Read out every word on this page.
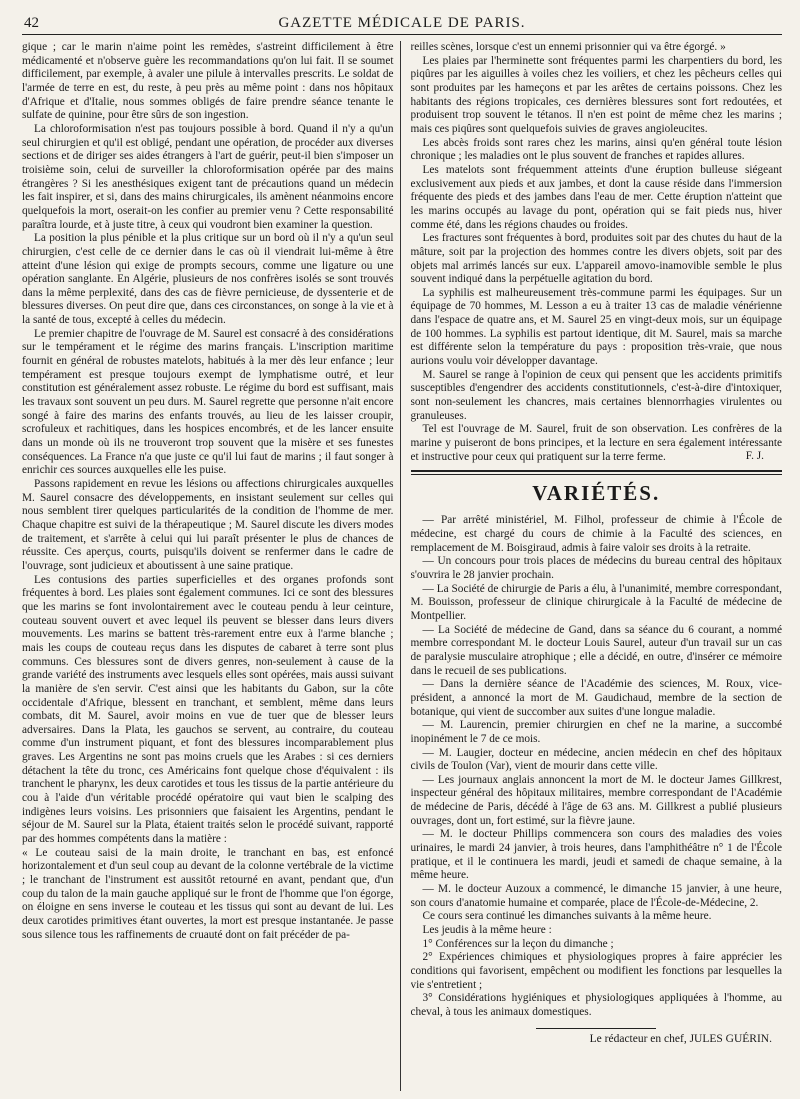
42	GAZETTE MÉDICALE DE PARIS.

gique ; car le marin n'aime point les remèdes, s'astreint difficilement à être médicamenté et n'observe guère les recommandations qu'on lui fait. Il se soumet difficilement, par exemple, à avaler une pilule à intervalles prescrits. Le soldat de l'armée de terre en est, du reste, à peu près au même point : dans nos hôpitaux d'Afrique et d'Italie, nous sommes obligés de faire prendre séance tenante le sulfate de quinine, pour être sûrs de son ingestion.

La chloroformisation n'est pas toujours possible à bord. Quand il n'y a qu'un seul chirurgien et qu'il est obligé, pendant une opération, de procéder aux diverses sections et de diriger ses aides étrangers à l'art de guérir, peut-il bien s'imposer un troisième soin, celui de surveiller la chloroformisation opérée par des mains étrangères ? Si les anesthésiques exigent tant de précautions quand un médecin les fait inspirer, et si, dans des mains chirurgicales, ils amènent néanmoins encore quelquefois la mort, oserait-on les confier au premier venu ? Cette responsabilité paraîtra lourde, et à juste titre, à ceux qui voudront bien examiner la question.

La position la plus pénible et la plus critique sur un bord où il n'y a qu'un seul chirurgien, c'est celle de ce dernier dans le cas où il viendrait lui-même à être atteint d'une lésion qui exige de prompts secours, comme une ligature ou une opération sanglante. En Algérie, plusieurs de nos confrères isolés se sont trouvés dans la même perplexité, dans des cas de fièvre pernicieuse, de dyssenterie et de blessures diverses. On peut dire que, dans ces circonstances, on songe à la vie et à la santé de tous, excepté à celles du médecin.

Le premier chapitre de l'ouvrage de M. Saurel est consacré à des considérations sur le tempérament et le régime des marins français. L'inscription maritime fournit en général de robustes matelots, habitués à la mer dès leur enfance ; leur tempérament est presque toujours exempt de lymphatisme outré, et leur constitution est généralement assez robuste. Le régime du bord est suffisant, mais les travaux sont souvent un peu durs. M. Saurel regrette que personne n'ait encore songé à faire des marins des enfants trouvés, au lieu de les laisser croupir, scrofuleux et rachitiques, dans les hospices encombrés, et de les lancer ensuite dans un monde où ils ne trouveront trop souvent que la misère et ses funestes conséquences. La France n'a que juste ce qu'il lui faut de marins ; il faut songer à enrichir ces sources auxquelles elle les puise.

Passons rapidement en revue les lésions ou affections chirurgicales auxquelles M. Saurel consacre des développements, en insistant seulement sur celles qui nous semblent tirer quelques particularités de la condition de l'homme de mer. Chaque chapitre est suivi de la thérapeutique ; M. Saurel discute les divers modes de traitement, et s'arrête à celui qui lui paraît présenter le plus de chances de réussite. Ces aperçus, courts, puisqu'ils doivent se renfermer dans le cadre de l'ouvrage, sont judicieux et aboutissent à une saine pratique.

Les contusions des parties superficielles et des organes profonds sont fréquentes à bord. Les plaies sont également communes. Ici ce sont des blessures que les marins se font involontairement avec le couteau pendu à leur ceinture, couteau souvent ouvert et avec lequel ils peuvent se blesser dans leurs divers mouvements. Les marins se battent très-rarement entre eux à l'arme blanche ; mais les coups de couteau reçus dans les disputes de cabaret à terre sont plus communs. Ces blessures sont de divers genres, non-seulement à cause de la grande variété des instruments avec lesquels elles sont opérées, mais aussi suivant la manière de s'en servir. C'est ainsi que les habitants du Gabon, sur la côte occidentale d'Afrique, blessent en tranchant, et semblent, même dans leurs combats, dit M. Saurel, avoir moins en vue de tuer que de blesser leurs adversaires. Dans la Plata, les gauchos se servent, au contraire, du couteau comme d'un instrument piquant, et font des blessures incomparablement plus graves. Les Argentins ne sont pas moins cruels que les Arabes : si ces derniers détachent la tête du tronc, ces Américains font quelque chose d'équivalent : ils tranchent le pharynx, les deux carotides et tous les tissus de la partie antérieure du cou à l'aide d'un véritable procédé opératoire qui vaut bien le scalping des indigènes leurs voisins. Les prisonniers que faisaient les Argentins, pendant le séjour de M. Saurel sur la Plata, étaient traités selon le procédé suivant, rapporté par des hommes compétents dans la matière :

« Le couteau saisi de la main droite, le tranchant en bas, est enfoncé horizontalement et d'un seul coup au devant de la colonne vertébrale de la victime ; le tranchant de l'instrument est aussitôt retourné en avant, pendant que, d'un coup du talon de la main gauche appliqué sur le front de l'homme que l'on égorge, on éloigne en sens inverse le couteau et les tissus qui sont au devant de lui. Les deux carotides primitives étant ouvertes, la mort est presque instantanée. Je passe sous silence tous les raffinements de cruauté dont on fait précéder de pa-

reilles scènes, lorsque c'est un ennemi prisonnier qui va être égorgé. »

Les plaies par l'herminette sont fréquentes parmi les charpentiers du bord, les piqûres par les aiguilles à voiles chez les voiliers, et chez les pêcheurs celles qui sont produites par les hameçons et par les arêtes de certains poissons. Chez les habitants des régions tropicales, ces dernières blessures sont fort redoutées, et produisent trop souvent le tétanos. Il n'en est point de même chez les marins ; mais ces piqûres sont quelquefois suivies de graves angioleucites.

Les abcès froids sont rares chez les marins, ainsi qu'en général toute lésion chronique ; les maladies ont le plus souvent de franches et rapides allures.

Les matelots sont fréquemment atteints d'une éruption bulleuse siégeant exclusivement aux pieds et aux jambes, et dont la cause réside dans l'immersion fréquente des pieds et des jambes dans l'eau de mer. Cette éruption n'atteint que les marins occupés au lavage du pont, opération qui se fait pieds nus, hiver comme été, dans les régions chaudes ou froides.

Les fractures sont fréquentes à bord, produites soit par des chutes du haut de la mâture, soit par la projection des hommes contre les divers objets, soit par des objets mal arrimés lancés sur eux. L'appareil amovo-inamovible semble le plus souvent indiqué dans la perpétuelle agitation du bord.

La syphilis est malheureusement très-commune parmi les équipages. Sur un équipage de 70 hommes, M. Lesson a eu à traiter 13 cas de maladie vénérienne dans l'espace de quatre ans, et M. Saurel 25 en vingt-deux mois, sur un équipage de 100 hommes. La syphilis est partout identique, dit M. Saurel, mais sa marche est différente selon la température du pays : proposition très-vraie, que nous aurions voulu voir développer davantage.

M. Saurel se range à l'opinion de ceux qui pensent que les accidents primitifs susceptibles d'engendrer des accidents constitutionnels, c'est-à-dire d'intoxiquer, sont non-seulement les chancres, mais certaines blennorrhagies virulentes ou granuleuses.

Tel est l'ouvrage de M. Saurel, fruit de son observation. Les confrères de la marine y puiseront de bons principes, et la lecture en sera également intéressante et instructive pour ceux qui pratiquent sur la terre ferme.	F. J.
VARIÉTÉS.

— Par arrêté ministériel, M. Filhol, professeur de chimie à l'École de médecine, est chargé du cours de chimie à la Faculté des sciences, en remplacement de M. Boisgiraud, admis à faire valoir ses droits à la retraite.

— Un concours pour trois places de médecins du bureau central des hôpitaux s'ouvrira le 28 janvier prochain.

— La Société de chirurgie de Paris a élu, à l'unanimité, membre correspondant, M. Bouisson, professeur de clinique chirurgicale à la Faculté de médecine de Montpellier.

— La Société de médecine de Gand, dans sa séance du 6 courant, a nommé membre correspondant M. le docteur Louis Saurel, auteur d'un travail sur un cas de paralysie musculaire atrophique ; elle a décidé, en outre, d'insérer ce mémoire dans le recueil de ses publications.

— Dans la dernière séance de l'Académie des sciences, M. Roux, vice-président, a annoncé la mort de M. Gaudichaud, membre de la section de botanique, qui vient de succomber aux suites d'une longue maladie.

— M. Laurencin, premier chirurgien en chef ne la marine, a succombé inopinément le 7 de ce mois.

— M. Laugier, docteur en médecine, ancien médecin en chef des hôpitaux civils de Toulon (Var), vient de mourir dans cette ville.

— Les journaux anglais annoncent la mort de M. le docteur James Gillkrest, inspecteur général des hôpitaux militaires, membre correspondant de l'Académie de médecine de Paris, décédé à l'âge de 63 ans. M. Gillkrest a publié plusieurs ouvrages, dont un, fort estimé, sur la fièvre jaune.

— M. le docteur Phillips commencera son cours des maladies des voies urinaires, le mardi 24 janvier, à trois heures, dans l'amphithéâtre n° 1 de l'École pratique, et il le continuera les mardi, jeudi et samedi de chaque semaine, à la même heure.

— M. le docteur Auzoux a commencé, le dimanche 15 janvier, à une heure, son cours d'anatomie humaine et comparée, place de l'École-de-Médecine, 2.

Ce cours sera continué les dimanches suivants à la même heure.

Les jeudis à la même heure :

1° Conférences sur la leçon du dimanche ;

2° Expériences chimiques et physiologiques propres à faire apprécier les conditions qui favorisent, empêchent ou modifient les fonctions par lesquelles la vie s'entretient ;

3° Considérations hygiéniques et physiologiques appliquées à l'homme, au cheval, à tous les animaux domestiques.

Le rédacteur en chef, JULES GUÉRIN.
